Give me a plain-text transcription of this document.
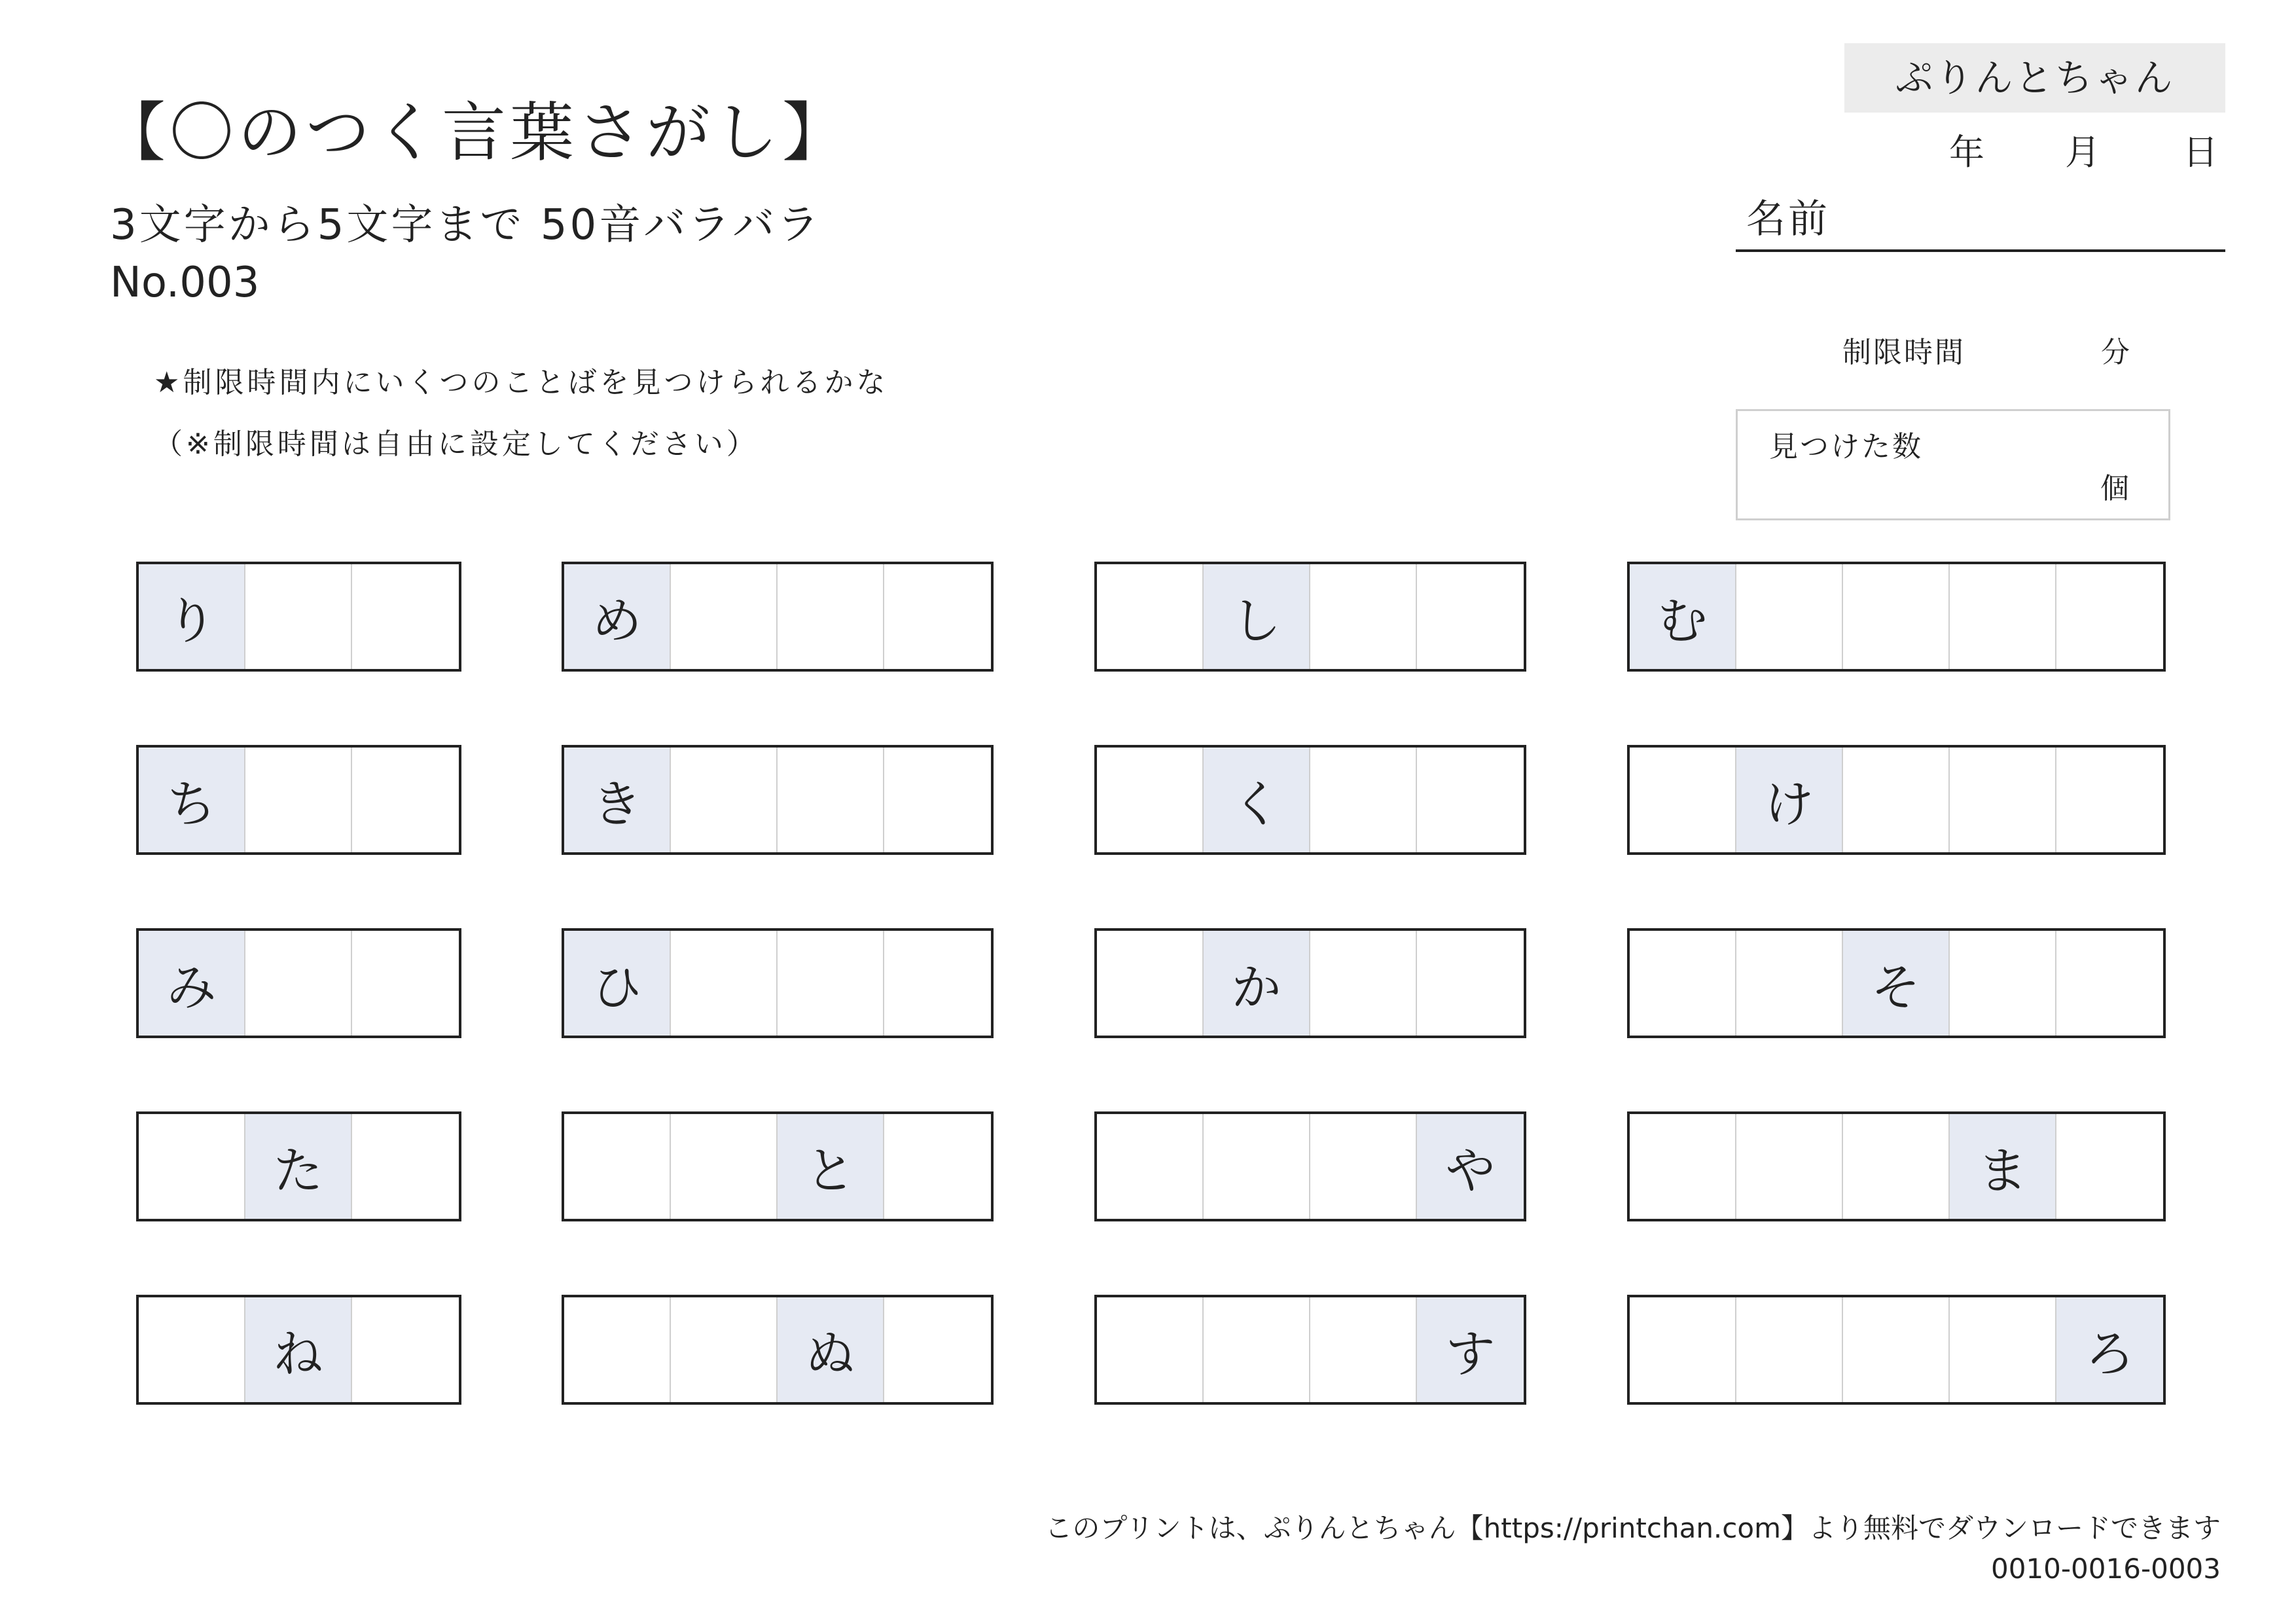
【〇のつく言葉さがし】
3文字から5文字まで 50音バラバラ
No.003
★制限時間内にいくつのことばを見つけられるかな
（※制限時間は自由に設定してください）
ぷりんとちゃん
年 月 日
名前
制限時間	分
見つけた数
個
り	め	し	む
ち	き	く	け
み	ひ	か	そ
た	と	や	ま
ね	ぬ	す	ろ
このプリントは、ぷりんとちゃん【https://printchan.com】より無料でダウンロードできます
0010-0016-0003
